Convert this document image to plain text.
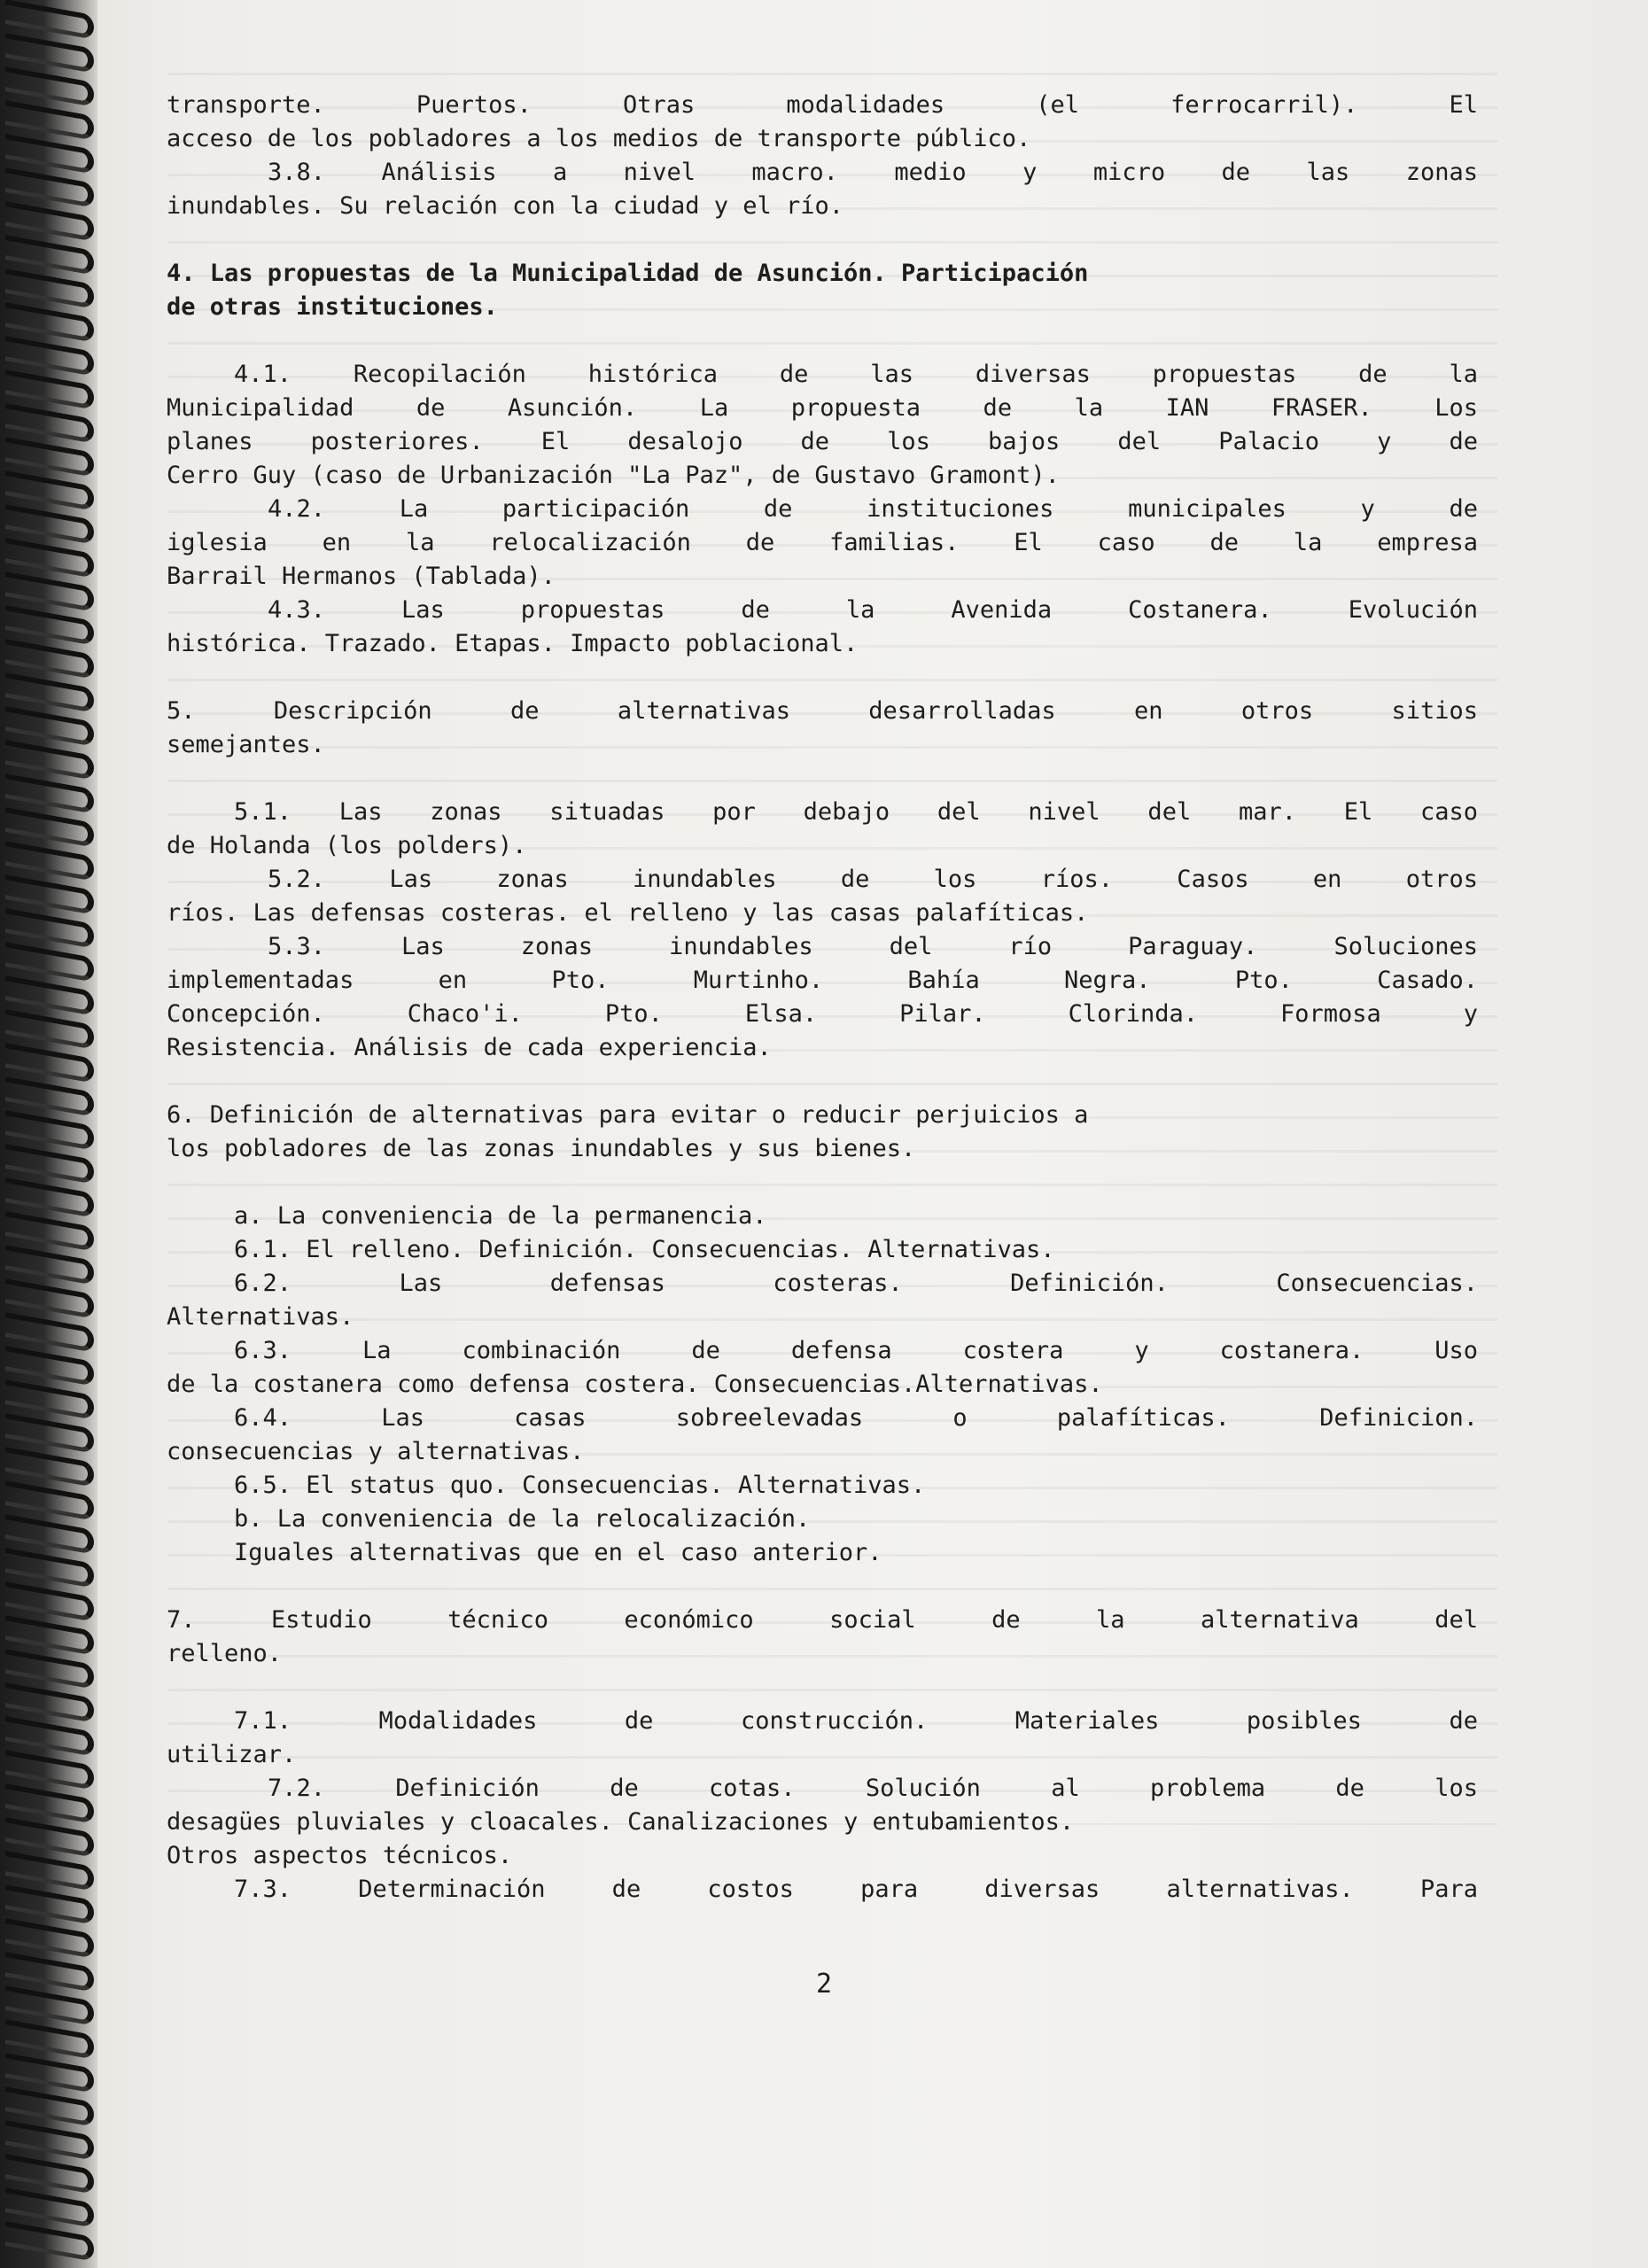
transporte. Puertos. Otras modalidades (el ferrocarril). El
acceso de los pobladores a los medios de transporte público.
3.8. Análisis a nivel macro. medio y micro de las zonas
inundables. Su relación con la ciudad y el río.
4. Las propuestas de la Municipalidad de Asunción. Participación
de otras instituciones.
4.1. Recopilación histórica de las diversas propuestas de la
Municipalidad de Asunción. La propuesta de la IAN FRASER. Los
planes posteriores. El desalojo de los bajos del Palacio y de
Cerro Guy (caso de Urbanización "La Paz", de Gustavo Gramont).
4.2. La participación de instituciones municipales y de
iglesia en la relocalización de familias. El caso de la empresa
Barrail Hermanos (Tablada).
4.3. Las propuestas de la Avenida Costanera. Evolución
histórica. Trazado. Etapas. Impacto poblacional.
5. Descripción de alternativas desarrolladas en otros sitios
semejantes.
5.1. Las zonas situadas por debajo del nivel del mar. El caso
de Holanda (los polders).
5.2. Las zonas inundables de los ríos. Casos en otros
ríos. Las defensas costeras. el relleno y las casas palafíticas.
5.3. Las zonas inundables del río Paraguay. Soluciones
implementadas en Pto. Murtinho. Bahía Negra. Pto. Casado.
Concepción. Chaco'i. Pto. Elsa. Pilar. Clorinda. Formosa y
Resistencia. Análisis de cada experiencia.
6. Definición de alternativas para evitar o reducir perjuicios a
los pobladores de las zonas inundables y sus bienes.
a. La conveniencia de la permanencia.
6.1. El relleno. Definición. Consecuencias. Alternativas.
6.2. Las defensas costeras. Definición. Consecuencias.
Alternativas.
6.3. La combinación de defensa costera y costanera. Uso
de la costanera como defensa costera. Consecuencias.Alternativas.
6.4. Las casas sobreelevadas o palafíticas. Definicion.
consecuencias y alternativas.
6.5. El status quo. Consecuencias. Alternativas.
b. La conveniencia de la relocalización.
Iguales alternativas que en el caso anterior.
7. Estudio técnico económico social de la alternativa del
relleno.
7.1. Modalidades de construcción. Materiales posibles de
utilizar.
7.2. Definición de cotas. Solución al problema de los
desagües pluviales y cloacales. Canalizaciones y entubamientos.
Otros aspectos técnicos.
7.3. Determinación de costos para diversas alternativas. Para
2
